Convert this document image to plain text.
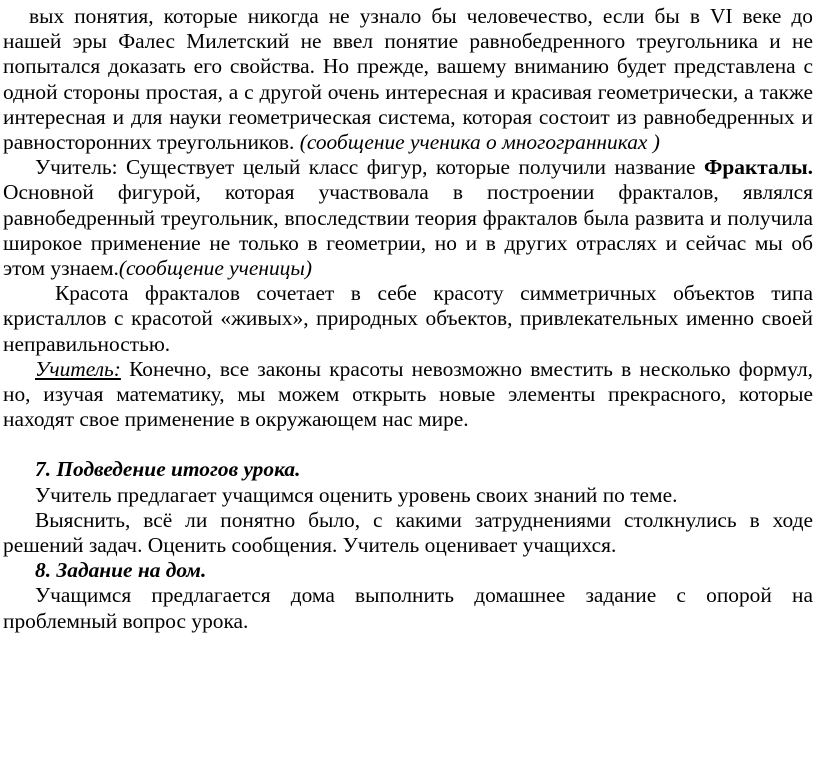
вых понятия, которые никогда не узнало бы человечество, если бы в VI веке до нашей эры Фалес Милетский не ввел понятие равнобедренного треугольника и не попытался доказать его свойства. Но прежде, вашему вниманию будет представлена с одной стороны простая, а с другой очень интересная и красивая геометрически, а также интересная и для науки геометрическая система, которая состоит из равнобедренных и равносторонних треугольников. (сообщение ученика о многогранниках )

Учитель: Существует целый класс фигур, которые получили название Фракталы. Основной фигурой, которая участвовала в построении фракталов, являлся равнобедренный треугольник, впоследствии теория фракталов была развита и получила широкое применение не только в геометрии, но и в других отраслях и сейчас мы об этом узнаем.(сообщение ученицы)

Красота фракталов сочетает в себе красоту симметричных объектов типа кристаллов с красотой «живых», природных объектов, привлекательных именно своей неправильностью.

Учитель: Конечно, все законы красоты невозможно вместить в несколько формул, но, изучая математику, мы можем открыть новые элементы прекрасного, которые находят свое применение в окружающем нас мире.

7. Подведение итогов урока.

Учитель предлагает учащимся оценить уровень своих знаний по теме.

Выяснить, всё ли понятно было, с какими затруднениями столкнулись в ходе решений задач. Оценить сообщения. Учитель оценивает учащихся.

8. Задание на дом.

Учащимся предлагается дома выполнить домашнее задание с опорой на проблемный вопрос урока.
